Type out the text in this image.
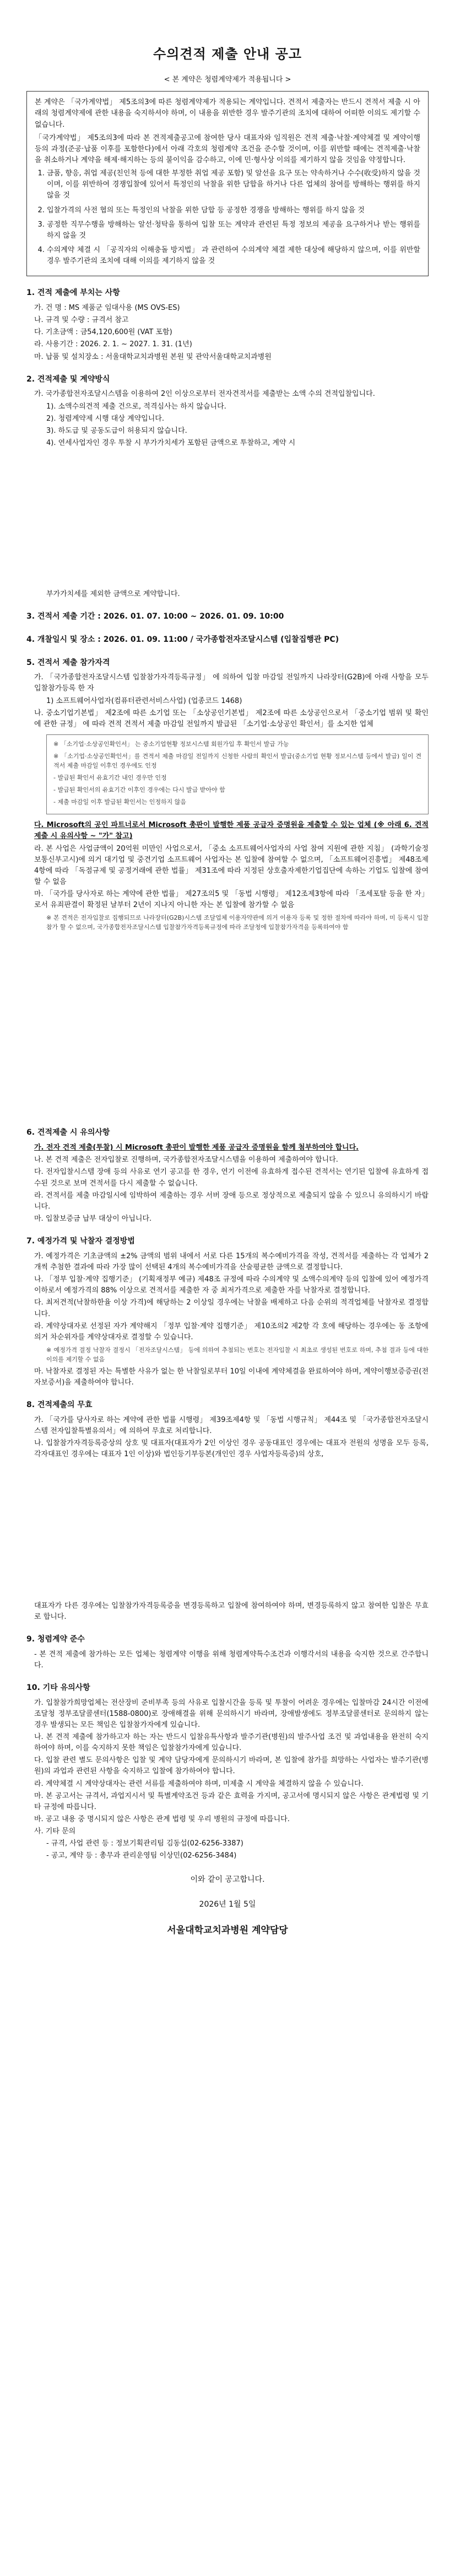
수의견적 제출 안내 공고
< 본 계약은 청렴계약제가 적용됩니다 >

본 계약은 「국가계약법」 제5조의3에 따른 청렴계약제가 적용되는 계약입니다. 견적서 제출자는 반드시 견적서 제출 시 아래의 청렴계약제에 관한 내용을 숙지하셔야 하며, 이 내용을 위반한 경우 발주기관의 조치에 대하여 어떠한 이의도 제기할 수 없습니다.

「국가계약법」 제5조의3에 따라 본 견적제출공고에 참여한 당사 대표자와 임직원은 견적 제출·낙찰·계약체결 및 계약이행 등의 과정(준공·납품 이후를 포함한다)에서 아래 각호의 청렴계약 조건을 준수할 것이며, 이를 위반할 때에는 견적제출·낙찰을 취소하거나 계약을 해제·해지하는 등의 불이익을 감수하고, 이에 민·형사상 이의를 제기하지 않을 것임을 약정합니다.

1. 금품, 향응, 취업 제공(친인척 등에 대한 부정한 취업 제공 포함) 및 알선을 요구 또는 약속하거나 수수(收受)하지 않을 것이며, 이를 위반하여 경쟁입찰에 있어서 특정인의 낙찰을 위한 담합을 하거나 다른 업체의 참여를 방해하는 행위를 하지 않을 것
2. 입찰가격의 사전 협의 또는 특정인의 낙찰을 위한 담합 등 공정한 경쟁을 방해하는 행위를 하지 않을 것
3. 공정한 직무수행을 방해하는 알선·청탁을 통하여 입찰 또는 계약과 관련된 특정 정보의 제공을 요구하거나 받는 행위를 하지 않을 것
4. 수의계약 체결 시 「공직자의 이해충돌 방지법」 과 관련하여 수의계약 체결 제한 대상에 해당하지 않으며, 이를 위반할 경우 발주기관의 조치에 대해 이의를 제기하지 않을 것
1. 견적 제출에 부치는 사항
가. 건 명 : MS 제품군 임대사용 (MS OVS-ES)
나. 규격 및 수량 : 규격서 참고
다. 기초금액 : 금54,120,600원 (VAT 포함)
라. 사용기간 : 2026. 2. 1. ~ 2027. 1. 31. (1년)
마. 납품 및 설치장소 : 서울대학교치과병원 본원 및 관악서울대학교치과병원
2. 견적제출 및 계약방식
가. 국가종합전자조달시스템을 이용하여 2인 이상으로부터 전자견적서를 제출받는 소액 수의 견적입찰입니다.
1). 소액수의견적 제출 건으로, 적격심사는 하지 않습니다.
2). 청렴계약제 시행 대상 계약입니다.
3). 하도급 및 공동도급이 허용되지 않습니다.
4). 연세사업자인 경우 투찰 시 부가가치세가 포함된 금액으로 투찰하고, 계약 시
부가가치세를 제외한 금액으로 계약합니다.
3. 견적서 제출 기간 : 2026. 01. 07. 10:00 ~ 2026. 01. 09. 10:00
4. 개찰일시 및 장소 : 2026. 01. 09. 11:00 / 국가종합전자조달시스템 (입찰집행관 PC)
5. 견적서 제출 참가자격
가. 「국가종합전자조달시스템 입찰참가자격등록규정」 에 의하여 입찰 마감일 전일까지 나라장터(G2B)에 아래 사항을 모두 입찰참가등록 한 자
1) 소프트웨어사업자(컴퓨터관련서비스사업) (업종코드 1468)
나. 중소기업기본법」 제2조에 따른 소기업 또는 「소상공인기본법」 제2조에 따른 소상공인으로서 「중소기업 범위 및 확인에 관한 규정」 에 따라 견적 견적서 제출 마감일 전일까지 발급된 「소기업·소상공인 확인서」를 소지한 업체

※ 「소기업·소상공인확인서」 는 중소기업현황 정보시스템 회원가입 후 확인서 발급 가능

※ 「소기업·소상공인확인서」를 견적서 제출 마감일 전일까지 신청한 사람의 확인서 발급(중소기업 현황 정보시스템 등에서 발급) 일이 견적서 제출 마감일 이후인 경우에도 인정

- 발급된 확인서 유효기간 내인 경우만 인정

- 발급된 확인서의 유효기간 이후인 경우에는 다시 발급 받아야 함

- 제출 마감일 이후 발급된 확인서는 인정하지 않음

다. Microsoft의 공인 파트너로서 Microsoft 총판이 발행한 제품 공급자 증명원을 제출할 수 있는 업체 (※ 아래 6. 견적제출 시 유의사항 ~ "가" 참고)
라. 본 사업은 사업금액이 20억원 미만인 사업으로서, 「중소 소프트웨어사업자의 사업 참여 지원에 관한 지침」 (과학기술정보통신부고시)에 의거 대기업 및 중견기업 소프트웨어 사업자는 본 입찰에 참여할 수 없으며, 「소프트웨어진흥법」 제48조제4항에 따라 「독점규제 및 공정거래에 관한 법률」 제31조에 따라 지정된 상호출자제한기업집단에 속하는 기업도 입찰에 참여할 수 없음
마. 「국가를 당사자로 하는 계약에 관한 법률」 제27조의5 및 「동법 시행령」 제12조제3항에 따라 「조세포탈 등을 한 자」로서 유죄판결이 확정된 날부터 2년이 지나지 아니한 자는 본 입찰에 참가할 수 없음
※ 본 견적은 전자입찰로 집행되므로 나라장터(G2B)시스템 조달업체 이용자약관에 의거 이용자 등록 및 정한 절차에 따라야 하며, 미 등록시 입찰참가 할 수 없으며, 국가종합전자조달시스템 입찰참가자격등록규정에 따라 조달청에 입찰참가자격을 등록하여야 함
6. 견적제출 시 유의사항
가. 전자 견적 제출(투찰) 시 Microsoft 총판이 발행한 제품 공급자 증명원을 함께 첨부하여야 합니다.
나. 본 견적 제출은 전자입찰로 진행하며, 국가종합전자조달시스템을 이용하여 제출하여야 합니다.
다. 전자입찰시스템 장애 등의 사유로 연기 공고를 한 경우, 연기 이전에 유효하게 접수된 견적서는 연기된 입찰에 유효하게 접수된 것으로 보며 견적서를 다시 제출할 수 없습니다.
라. 견적서를 제출 마감일시에 임박하여 제출하는 경우 서버 장애 등으로 정상적으로 제출되지 않을 수 있으니 유의하시기 바랍니다.
마. 입찰보증금 납부 대상이 아닙니다.
7. 예정가격 및 낙찰자 결정방법
가. 예정가격은 기초금액의 ±2% 금액의 범위 내에서 서로 다른 15개의 복수예비가격을 작성, 견적서를 제출하는 각 업체가 2개씩 추첨한 결과에 따라 가장 많이 선택된 4개의 복수예비가격을 산술평균한 금액으로 결정합니다.
나. 「정부 입찰·계약 집행기준」 (기획재정부 예규) 제48조 규정에 따라 수의계약 및 소액수의계약 등의 입찰에 있어 예정가격 이하로서 예정가격의 88% 이상으로 견적서를 제출한 자 중 최저가격으로 제출한 자를 낙찰자로 결정합니다.
다. 최저견적(낙찰하한율 이상 가격)에 해당하는 2 이상일 경우에는 낙찰을 배제하고 다음 순위의 적격업체를 낙찰자로 결정합니다.
라. 계약상대자로 선정된 자가 계약해지 「정부 입찰·계약 집행기준」 제10조의2 제2항 각 호에 해당하는 경우에는 동 조항에 의거 차순위자를 계약상대자로 결정할 수 있습니다.
※ 예정가격 결정 낙찰자 결정시 「전자조달시스템」 등에 의하여 추첨되는 번호는 전자입찰 시 최초로 생성된 번호로 하며, 추첨 결과 등에 대한 이의를 제기할 수 없음
마. 낙찰자로 결정된 자는 특별한 사유가 없는 한 낙찰일로부터 10일 이내에 계약체결을 완료하여야 하며, 계약이행보증증권(전자보증서)을 제출하여야 합니다.
8. 견적제출의 무효
가. 「국가를 당사자로 하는 계약에 관한 법률 시행령」 제39조제4항 및 「동법 시행규칙」 제44조 및 「국가종합전자조달시스템 전자입찰특별유의서」에 의하여 무효로 처리합니다.
나. 입찰참가자격등록증상의 상호 및 대표자(대표자가 2인 이상인 경우 공동대표인 경우에는 대표자 전원의 성명을 모두 등록, 각자대표인 경우에는 대표자 1인 이상)와 법인등기부등본(개인인 경우 사업자등록증)의 상호,
대표자가 다른 경우에는 입찰참가자격등록증을 변경등록하고 입찰에 참여하여야 하며, 변경등록하지 않고 참여한 입찰은 무효로 합니다.
9. 청렴계약 준수
- 본 견적 제출에 참가하는 모든 업체는 청렴계약 이행을 위해 청렴계약특수조건과 이행각서의 내용을 숙지한 것으로 간주합니다.
10. 기타 유의사항
가. 입찰참가희망업체는 전산장비 준비부족 등의 사유로 입찰시간을 등록 및 투찰이 어려운 경우에는 입찰마감 24시간 이전에 조달청 정부조달콜센터(1588-0800)로 장애해결을 위해 문의하시기 바라며, 장애발생에도 정부조달콜센터로 문의하지 않는 경우 발생되는 모든 책임은 입찰참가자에게 있습니다.
나. 본 견적 제출에 참가하고자 하는 자는 반드시 입찰유특사항과 발주기관(병원)의 발주사업 조건 및 과업내용을 완전히 숙지하여야 하며, 이를 숙지하지 못한 책임은 입찰참가자에게 있습니다.
다. 입찰 관련 별도 문의사항은 입찰 및 계약 담당자에게 문의하시기 바라며, 본 입찰에 참가를 희망하는 사업자는 발주기관(병원)의 과업과 관련된 사항을 숙지하고 입찰에 참가하여야 합니다.
라. 계약체결 시 계약상대자는 관련 서류를 제출하여야 하며, 미제출 시 계약을 체결하지 않을 수 있습니다.
마. 본 공고서는 규격서, 과업지시서 및 특별계약조건 등과 같은 효력을 가지며, 공고서에 명시되지 않은 사항은 관계법령 및 기타 규정에 따릅니다.
바. 공고 내용 중 명시되지 않은 사항은 관계 법령 및 우리 병원의 규정에 따릅니다.
사. 기타 문의
- 규격, 사업 관련 등 : 정보기획관리팀 김동섭(02-6256-3387)
- 공고, 계약 등 : 총무과 관리운영팀 이상민(02-6256-3484)
이와 같이 공고합니다.
2026년 1월 5일
서울대학교치과병원 계약담당
